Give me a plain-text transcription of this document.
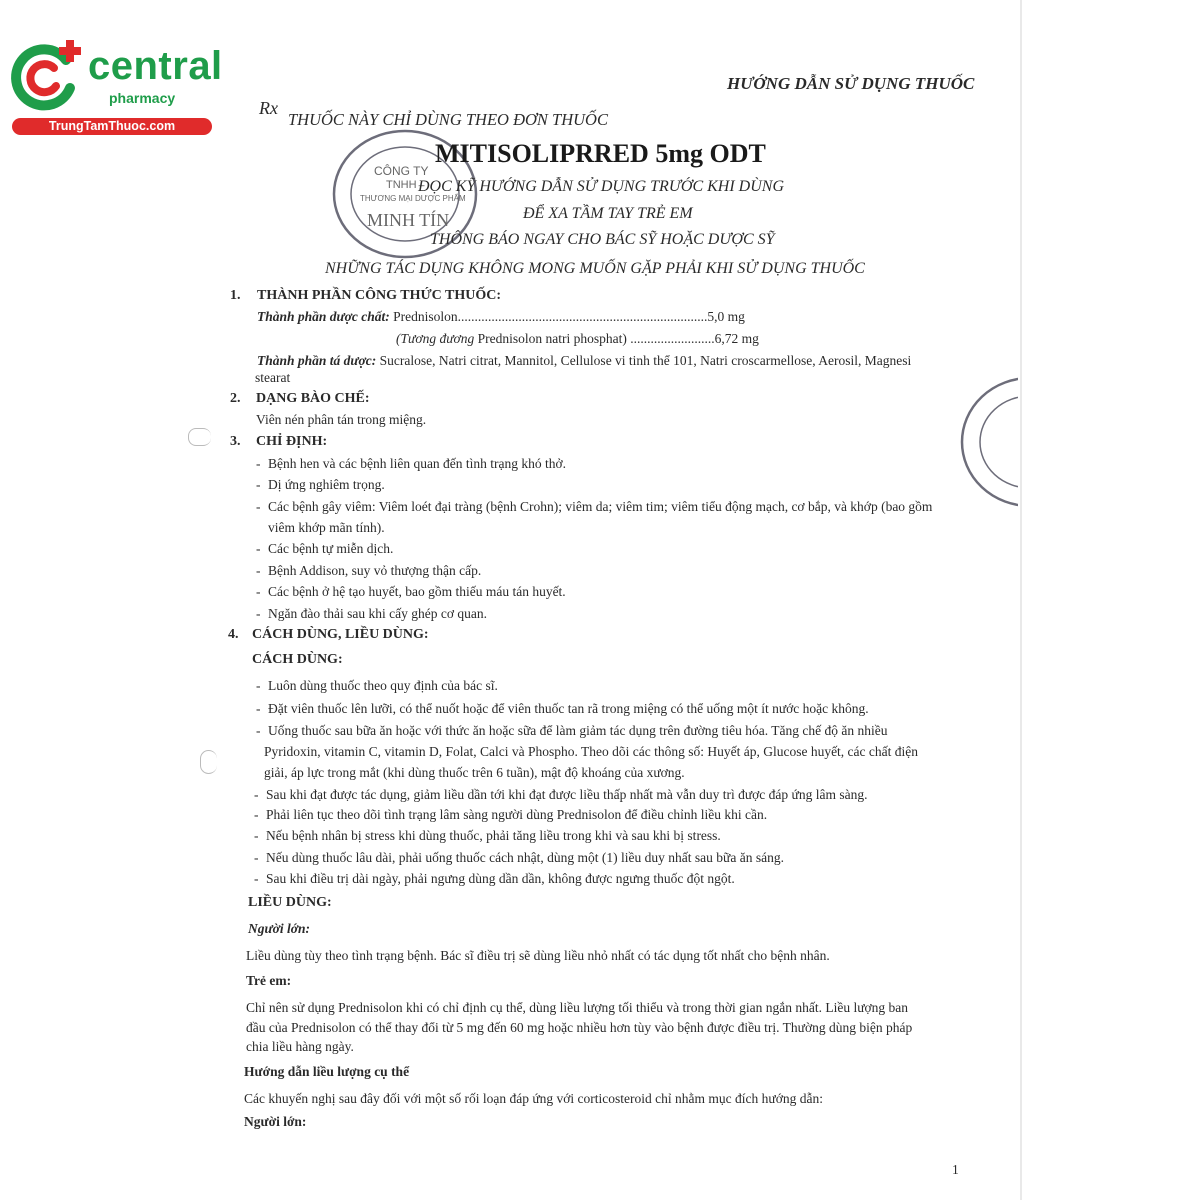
central
pharmacy
TrungTamThuoc.com
HƯỚNG DẪN SỬ DỤNG THUỐC
Rx
THUỐC NÀY CHỈ DÙNG THEO ĐƠN THUỐC
CÔNG TY
TNHH
THƯƠNG MẠI DƯỢC PHẨM
MINH TÍN
MITISOLIPRRED 5mg ODT
ĐỌC KỸ HƯỚNG DẪN SỬ DỤNG TRƯỚC KHI DÙNG
ĐỂ XA TẦM TAY TRẺ EM
THÔNG BÁO NGAY CHO BÁC SỸ HOẶC DƯỢC SỸ
NHỮNG TÁC DỤNG KHÔNG MONG MUỐN GẶP PHẢI KHI SỬ DỤNG THUỐC
1. THÀNH PHẦN CÔNG THỨC THUỐC:
Thành phần dược chất: Prednisolon..........................................................................5,0 mg
(Tương đương Prednisolon natri phosphat) .........................6,72 mg
Thành phần tá dược: Sucralose, Natri citrat, Mannitol, Cellulose vi tinh thể 101, Natri croscarmellose, Aerosil, Magnesi
stearat
2. DẠNG BÀO CHẾ:
Viên nén phân tán trong miệng.
3. CHỈ ĐỊNH:
- Bệnh hen và các bệnh liên quan đến tình trạng khó thở.
- Dị ứng nghiêm trọng.
- Các bệnh gây viêm: Viêm loét đại tràng (bệnh Crohn); viêm da; viêm tim; viêm tiểu động mạch, cơ bắp, và khớp (bao gồm
viêm khớp mãn tính).
- Các bệnh tự miễn dịch.
- Bệnh Addison, suy vỏ thượng thận cấp.
- Các bệnh ở hệ tạo huyết, bao gồm thiếu máu tán huyết.
- Ngăn đào thải sau khi cấy ghép cơ quan.
4. CÁCH DÙNG, LIỀU DÙNG:
CÁCH DÙNG:
- Luôn dùng thuốc theo quy định của bác sĩ.
- Đặt viên thuốc lên lưỡi, có thể nuốt hoặc để viên thuốc tan rã trong miệng có thể uống một ít nước hoặc không.
- Uống thuốc sau bữa ăn hoặc với thức ăn hoặc sữa để làm giảm tác dụng trên đường tiêu hóa. Tăng chế độ ăn nhiều
Pyridoxin, vitamin C, vitamin D, Folat, Calci và Phospho. Theo dõi các thông số: Huyết áp, Glucose huyết, các chất điện
giải, áp lực trong mắt (khi dùng thuốc trên 6 tuần), mật độ khoáng của xương.
- Sau khi đạt được tác dụng, giảm liều dần tới khi đạt được liều thấp nhất mà vẫn duy trì được đáp ứng lâm sàng.
- Phải liên tục theo dõi tình trạng lâm sàng người dùng Prednisolon để điều chỉnh liều khi cần.
- Nếu bệnh nhân bị stress khi dùng thuốc, phải tăng liều trong khi và sau khi bị stress.
- Nếu dùng thuốc lâu dài, phải uống thuốc cách nhật, dùng một (1) liều duy nhất sau bữa ăn sáng.
- Sau khi điều trị dài ngày, phải ngưng dùng dần dần, không được ngưng thuốc đột ngột.
LIỀU DÙNG:
Người lớn:
Liều dùng tùy theo tình trạng bệnh. Bác sĩ điều trị sẽ dùng liều nhỏ nhất có tác dụng tốt nhất cho bệnh nhân.
Trẻ em:
Chỉ nên sử dụng Prednisolon khi có chỉ định cụ thể, dùng liều lượng tối thiểu và trong thời gian ngắn nhất. Liều lượng ban
đầu của Prednisolon có thể thay đổi từ 5 mg đến 60 mg hoặc nhiều hơn tùy vào bệnh được điều trị. Thường dùng biện pháp
chia liều hàng ngày.
Hướng dẫn liều lượng cụ thể
Các khuyến nghị sau đây đối với một số rối loạn đáp ứng với corticosteroid chỉ nhằm mục đích hướng dẫn:
Người lớn:
1
